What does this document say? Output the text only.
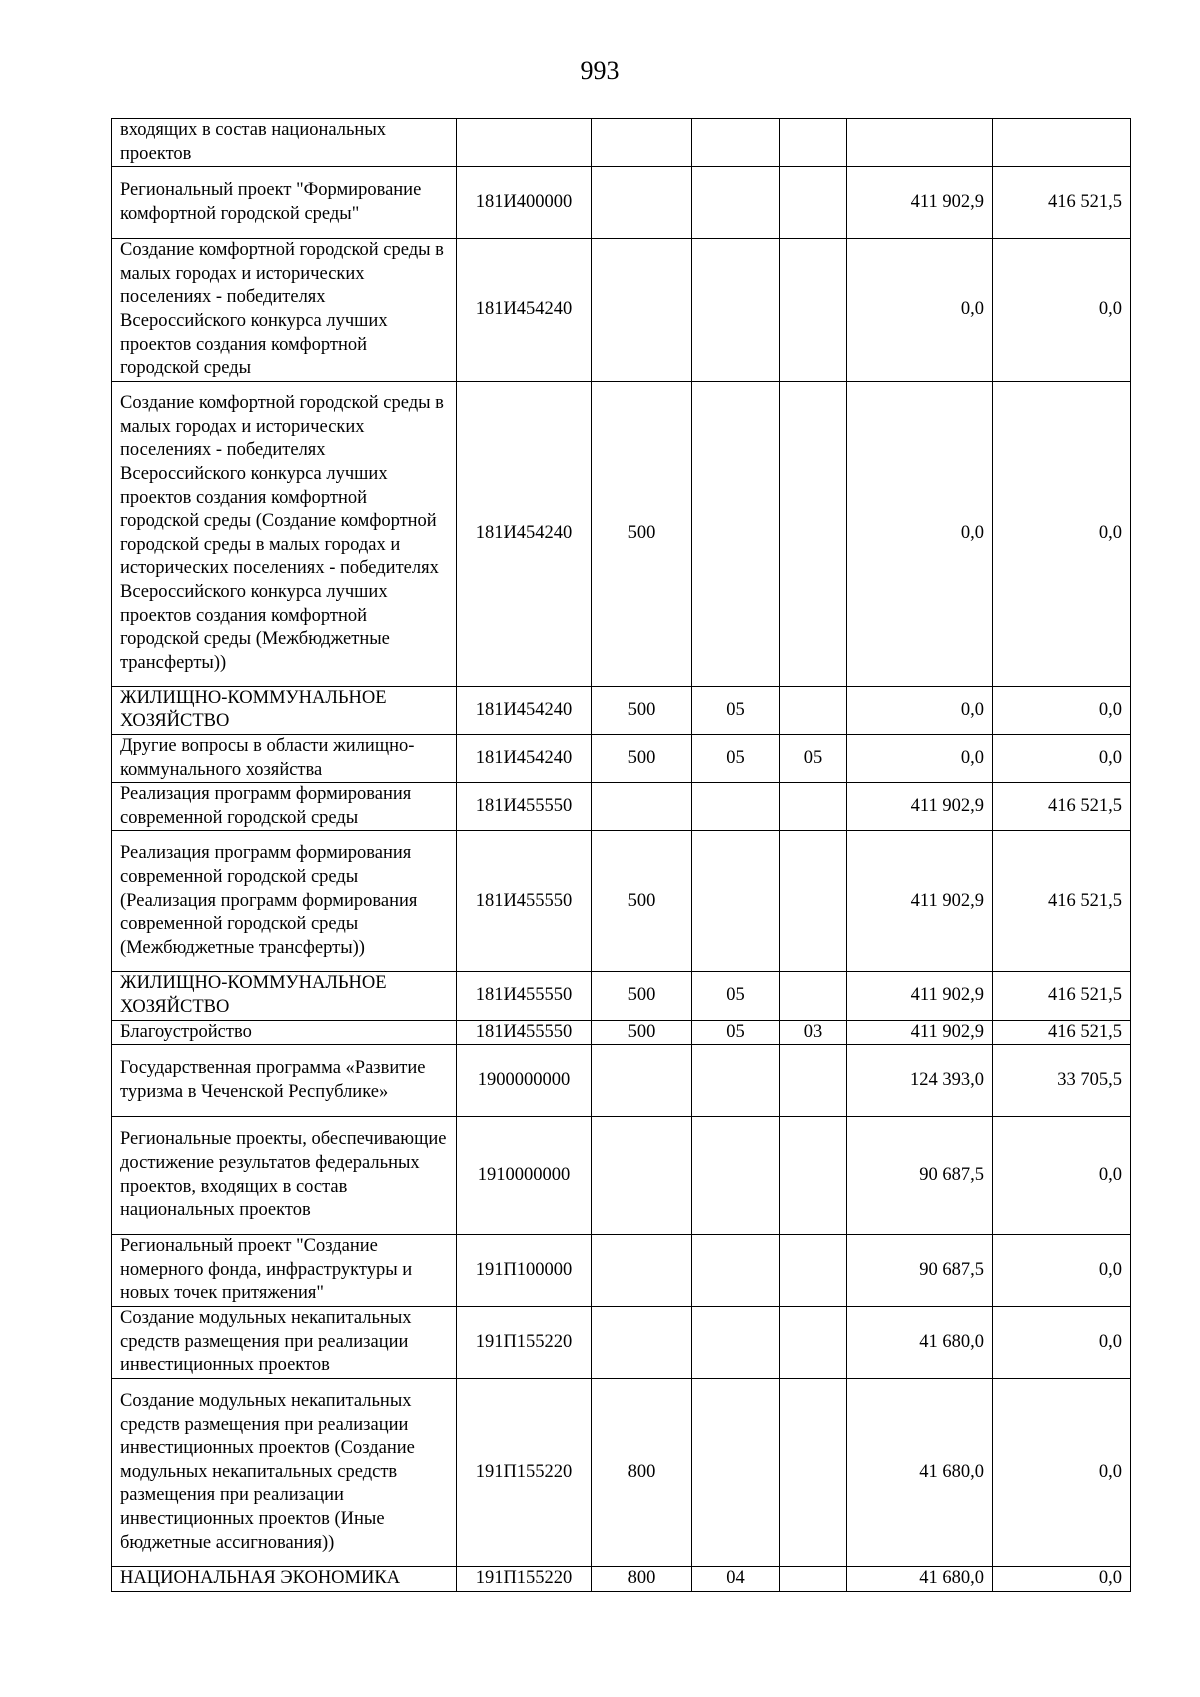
993
входящих в состав национальных проектов						
Региональный проект "Формирование комфортной городской среды"	181И400000				411 902,9	416 521,5
Создание комфортной городской среды в малых городах и исторических поселениях - победителях Всероссийского конкурса лучших проектов создания комфортной городской среды	181И454240				0,0	0,0
Создание комфортной городской среды в малых городах и исторических поселениях - победителях Всероссийского конкурса лучших проектов создания комфортной городской среды (Создание комфортной городской среды в малых городах и исторических поселениях - победителях Всероссийского конкурса лучших проектов создания комфортной городской среды (Межбюджетные трансферты))	181И454240	500			0,0	0,0
ЖИЛИЩНО-КОММУНАЛЬНОЕ ХОЗЯЙСТВО	181И454240	500	05		0,0	0,0
Другие вопросы в области жилищно-коммунального хозяйства	181И454240	500	05	05	0,0	0,0
Реализация программ формирования современной городской среды	181И455550				411 902,9	416 521,5
Реализация программ формирования современной городской среды (Реализация программ формирования современной городской среды (Межбюджетные трансферты))	181И455550	500			411 902,9	416 521,5
ЖИЛИЩНО-КОММУНАЛЬНОЕ ХОЗЯЙСТВО	181И455550	500	05		411 902,9	416 521,5
Благоустройство	181И455550	500	05	03	411 902,9	416 521,5
Государственная программа «Развитие туризма в Чеченской Республике»	1900000000				124 393,0	33 705,5
Региональные проекты, обеспечивающие достижение результатов федеральных проектов, входящих в состав национальных проектов	1910000000				90 687,5	0,0
Региональный проект "Создание номерного фонда, инфраструктуры и новых точек притяжения"	191П100000				90 687,5	0,0
Создание модульных некапитальных средств размещения при реализации инвестиционных проектов	191П155220				41 680,0	0,0
Создание модульных некапитальных средств размещения при реализации инвестиционных проектов (Создание модульных некапитальных средств размещения при реализации инвестиционных проектов (Иные бюджетные ассигнования))	191П155220	800			41 680,0	0,0
НАЦИОНАЛЬНАЯ ЭКОНОМИКА	191П155220	800	04		41 680,0	0,0
